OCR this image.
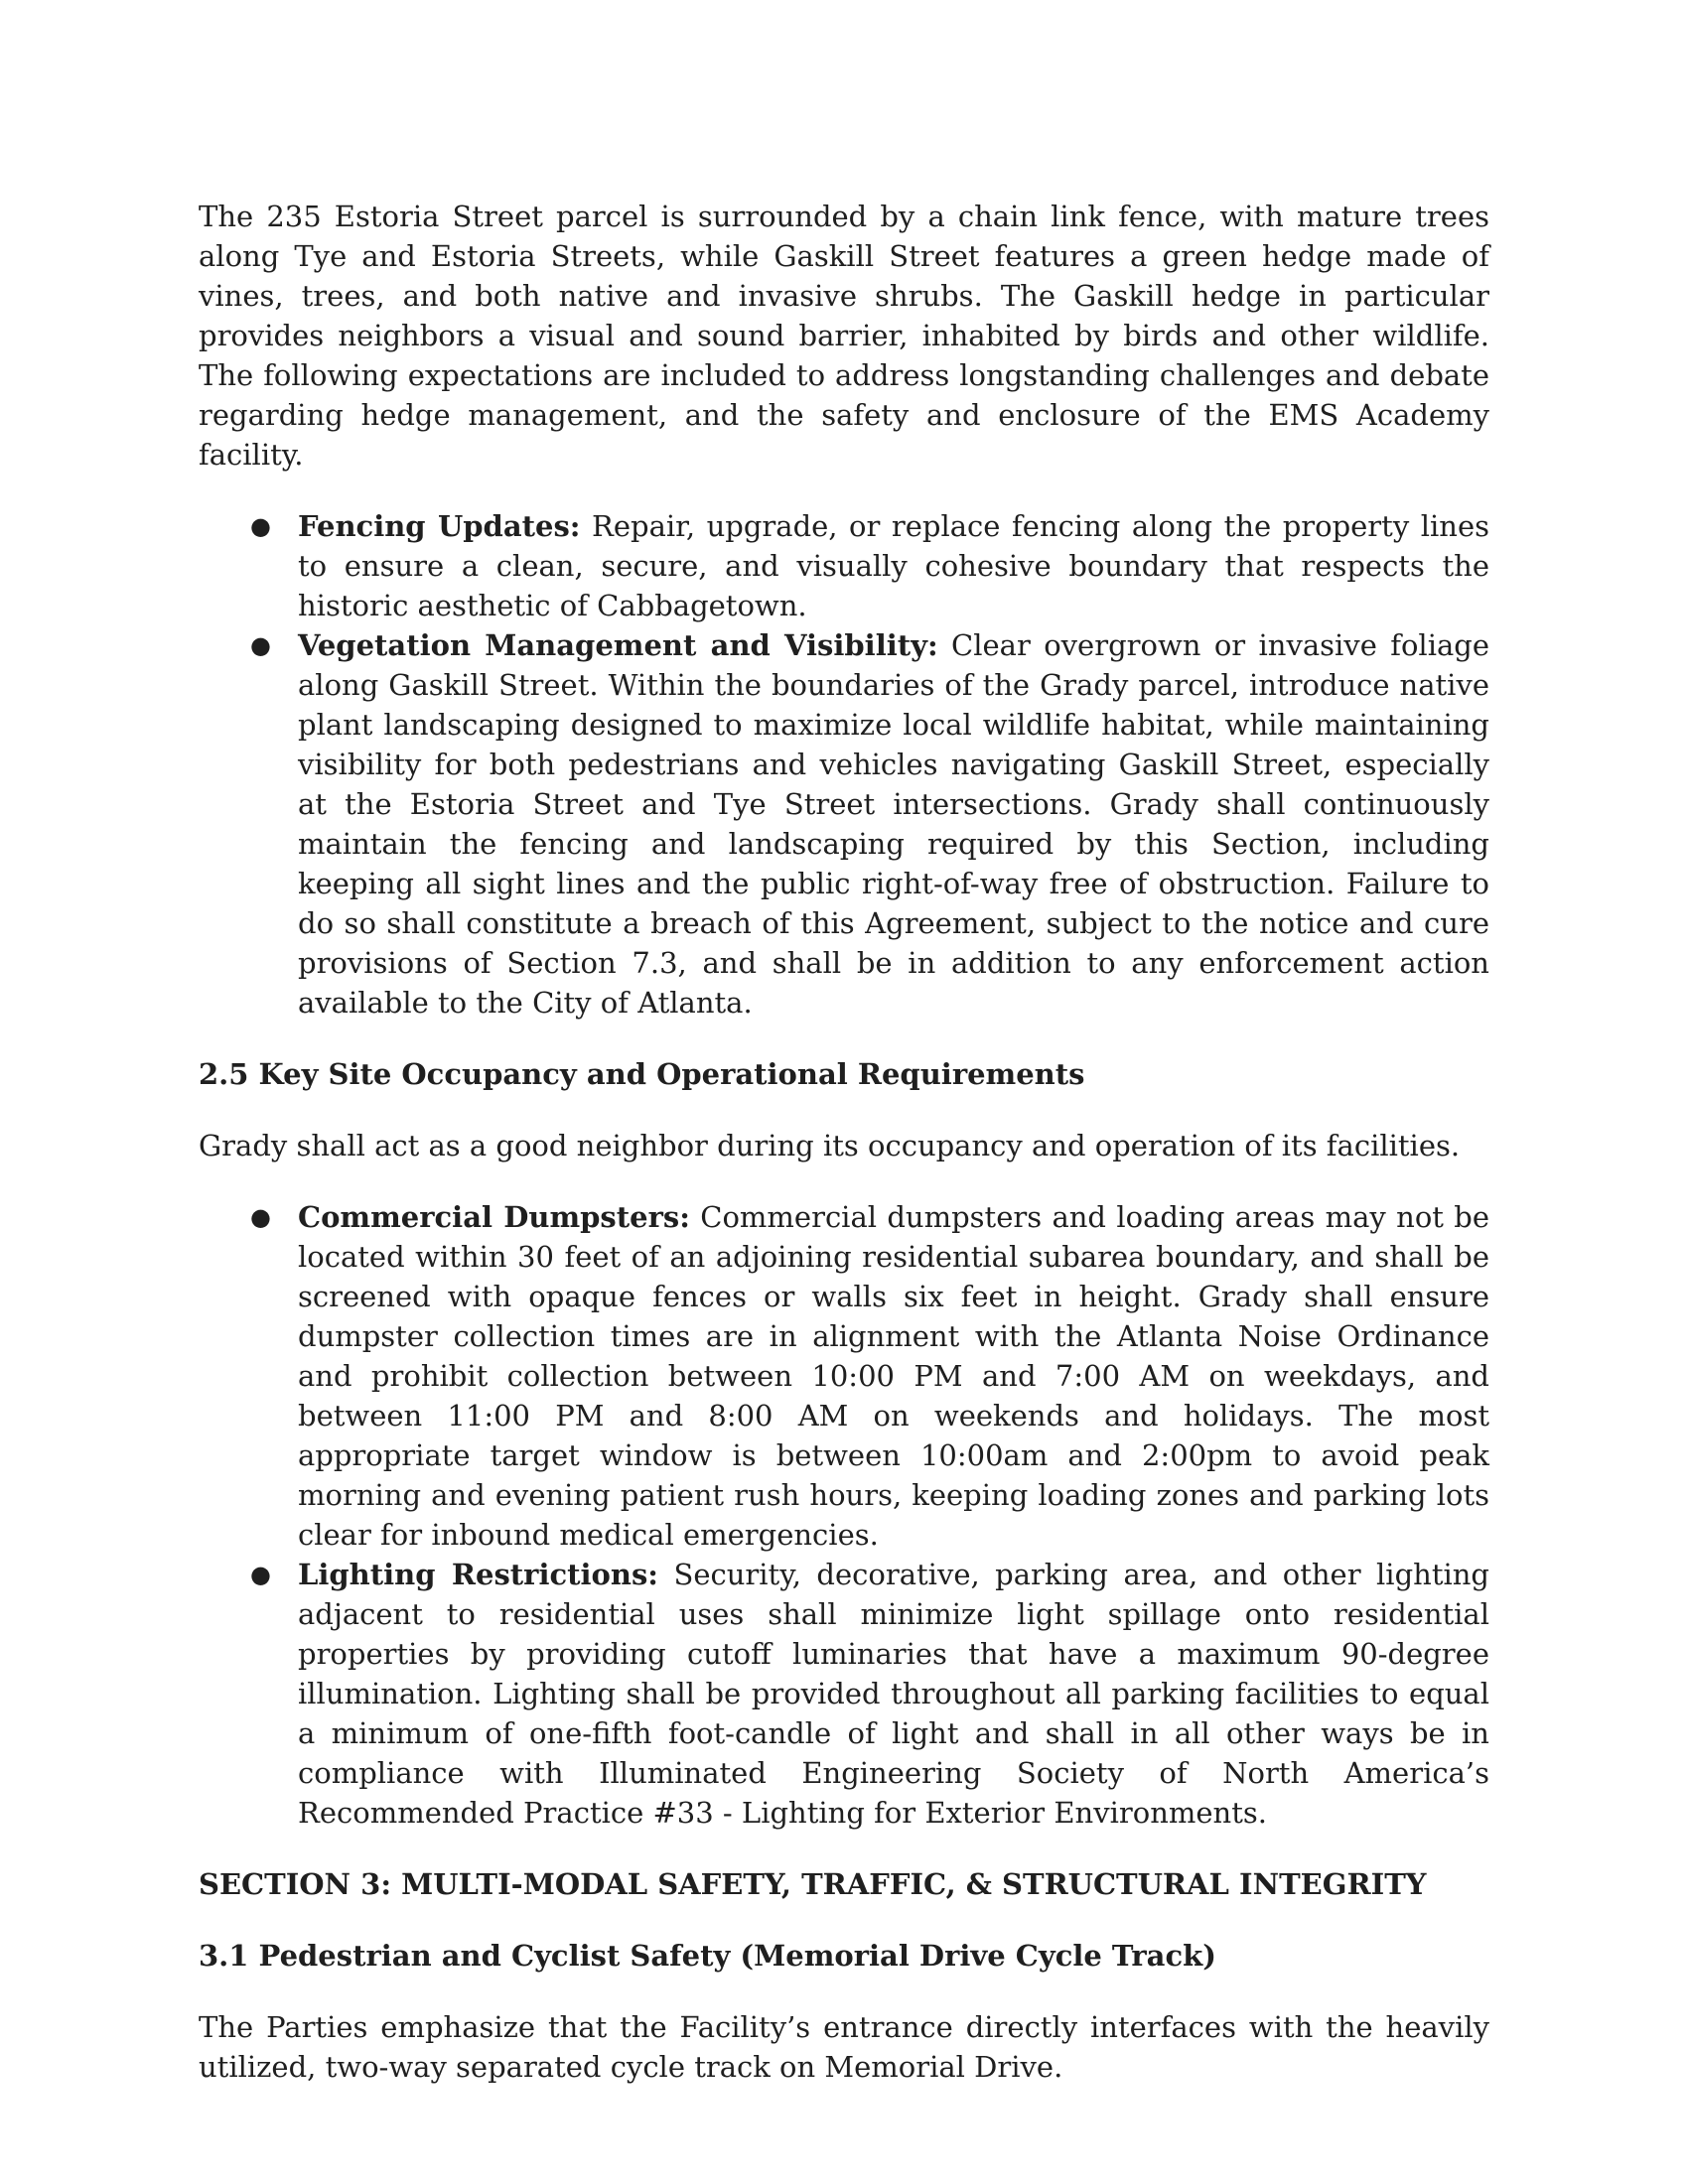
The 235 Estoria Street parcel is surrounded by a chain link fence, with mature trees along Tye and Estoria Streets, while Gaskill Street features a green hedge made of vines, trees, and both native and invasive shrubs. The Gaskill hedge in particular provides neighbors a visual and sound barrier, inhabited by birds and other wildlife. The following expectations are included to address longstanding challenges and debate regarding hedge management, and the safety and enclosure of the EMS Academy facility.

● Fencing Updates: Repair, upgrade, or replace fencing along the property lines to ensure a clean, secure, and visually cohesive boundary that respects the historic aesthetic of Cabbagetown.
● Vegetation Management and Visibility: Clear overgrown or invasive foliage along Gaskill Street. Within the boundaries of the Grady parcel, introduce native plant landscaping designed to maximize local wildlife habitat, while maintaining visibility for both pedestrians and vehicles navigating Gaskill Street, especially at the Estoria Street and Tye Street intersections. Grady shall continuously maintain the fencing and landscaping required by this Section, including keeping all sight lines and the public right-of-way free of obstruction. Failure to do so shall constitute a breach of this Agreement, subject to the notice and cure provisions of Section 7.3, and shall be in addition to any enforcement action available to the City of Atlanta.
2.5 Key Site Occupancy and Operational Requirements

Grady shall act as a good neighbor during its occupancy and operation of its facilities.

● Commercial Dumpsters: Commercial dumpsters and loading areas may not be located within 30 feet of an adjoining residential subarea boundary, and shall be screened with opaque fences or walls six feet in height. Grady shall ensure dumpster collection times are in alignment with the Atlanta Noise Ordinance and prohibit collection between 10:00 PM and 7:00 AM on weekdays, and between 11:00 PM and 8:00 AM on weekends and holidays. The most appropriate target window is between 10:00am and 2:00pm to avoid peak morning and evening patient rush hours, keeping loading zones and parking lots clear for inbound medical emergencies.
● Lighting Restrictions: Security, decorative, parking area, and other lighting adjacent to residential uses shall minimize light spillage onto residential properties by providing cutoff luminaries that have a maximum 90-degree illumination. Lighting shall be provided throughout all parking facilities to equal a minimum of one-fifth foot-candle of light and shall in all other ways be in compliance with Illuminated Engineering Society of North America’s Recommended Practice #33 - Lighting for Exterior Environments.
SECTION 3: MULTI-MODAL SAFETY, TRAFFIC, & STRUCTURAL INTEGRITY
3.1 Pedestrian and Cyclist Safety (Memorial Drive Cycle Track)

The Parties emphasize that the Facility’s entrance directly interfaces with the heavily utilized, two-way separated cycle track on Memorial Drive.
